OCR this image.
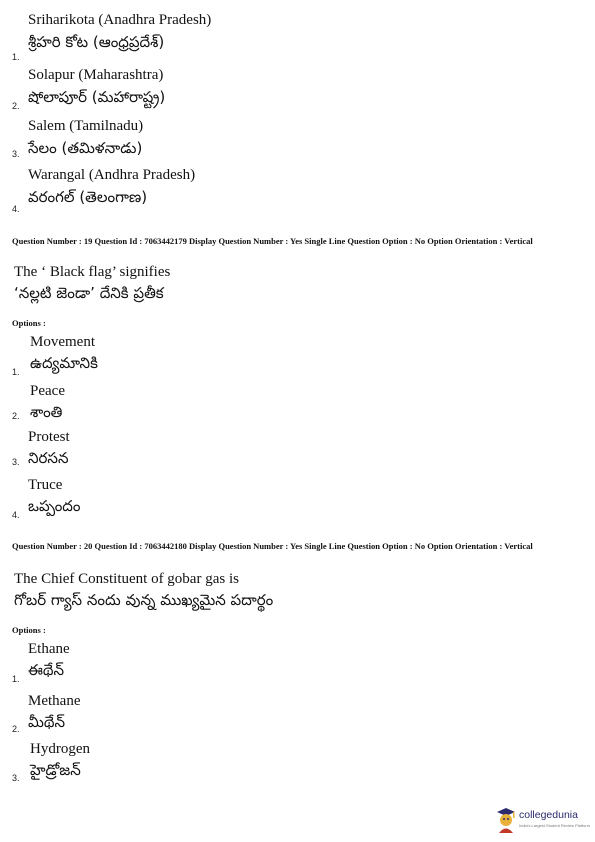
Sriharikota (Anadhra Pradesh)
శ్రీహరి కోట (ఆంధ్రప్రదేశ్)
1.
Solapur (Maharashtra)
షోలాపూర్ (మహారాష్ట్ర)
2.
Salem (Tamilnadu)
సేలం (తమిళనాడు)
3.
Warangal (Andhra Pradesh)
వరంగల్ (తెలంగాణ)
4.
Question Number : 19 Question Id : 7063442179 Display Question Number : Yes Single Line Question Option : No Option Orientation : Vertical
The ‘ Black flag’ signifies
‘నల్లటి జెండా’ దేనికి ప్రతీక
Options :
Movement
ఉద్యమానికి
1.
Peace
శాంతి
2.
Protest
నిరసన
3.
Truce
ఒప్పందం
4.
Question Number : 20 Question Id : 7063442180 Display Question Number : Yes Single Line Question Option : No Option Orientation : Vertical
The Chief Constituent of gobar gas is
గోబర్ గ్యాస్ నందు వున్న ముఖ్యమైన పదార్థం
Options :
Ethane
ఈథేన్
1.
Methane
మీథేన్
2.
Hydrogen
హైడ్రోజన్
3.
collegedunia
India's Largest Student Review Platform
